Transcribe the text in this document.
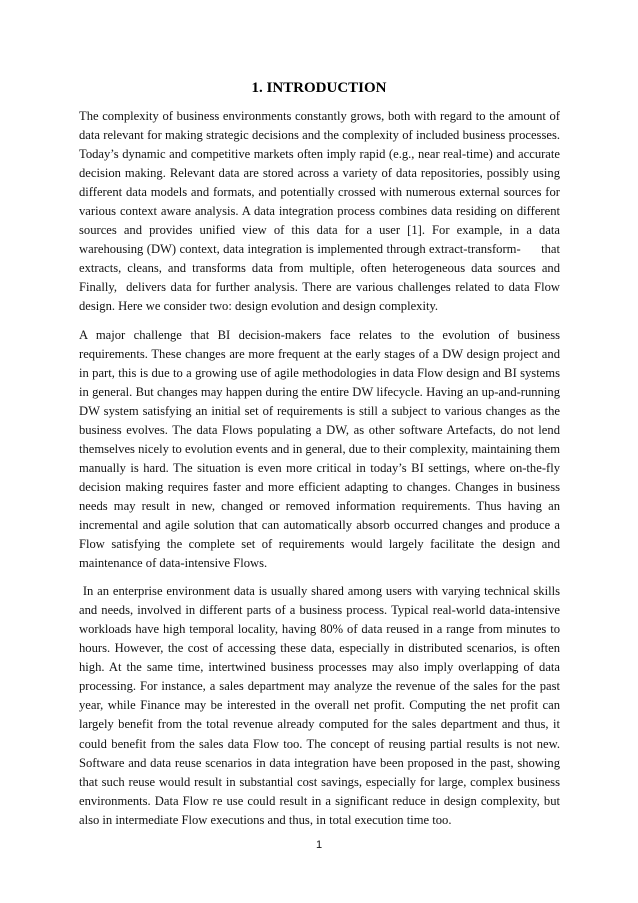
1. INTRODUCTION

The complexity of business environments constantly grows, both with regard to the amount of data relevant for making strategic decisions and the complexity of included business processes. Today’s dynamic and competitive markets often imply rapid (e.g., near real-time) and accurate decision making. Relevant data are stored across a variety of data repositories, possibly using different data models and formats, and potentially crossed with numerous external sources for various context aware analysis. A data integration process combines data residing on different sources and provides unified view of this data for a user [1]. For example, in a data warehousing (DW) context, data integration is implemented through extract-transform-      that extracts, cleans, and transforms data from multiple, often heterogeneous data sources and Finally,  delivers data for further analysis. There are various challenges related to data Flow design. Here we consider two: design evolution and design complexity.

A major challenge that BI decision-makers face relates to the evolution of business requirements. These changes are more frequent at the early stages of a DW design project and in part, this is due to a growing use of agile methodologies in data Flow design and BI systems in general. But changes may happen during the entire DW lifecycle. Having an up-and-running DW system satisfying an initial set of requirements is still a subject to various changes as the business evolves. The data Flows populating a DW, as other software Artefacts, do not lend themselves nicely to evolution events and in general, due to their complexity, maintaining them manually is hard. The situation is even more critical in today’s BI settings, where on-the-fly decision making requires faster and more efficient adapting to changes. Changes in business needs may result in new, changed or removed information requirements. Thus having an incremental and agile solution that can automatically absorb occurred changes and produce a Flow satisfying the complete set of requirements would largely facilitate the design and maintenance of data-intensive Flows.

In an enterprise environment data is usually shared among users with varying technical skills and needs, involved in different parts of a business process. Typical real-world data-intensive workloads have high temporal locality, having 80% of data reused in a range from minutes to hours. However, the cost of accessing these data, especially in distributed scenarios, is often high. At the same time, intertwined business processes may also imply overlapping of data processing. For instance, a sales department may analyze the revenue of the sales for the past year, while Finance may be interested in the overall net profit. Computing the net profit can largely benefit from the total revenue already computed for the sales department and thus, it could benefit from the sales data Flow too. The concept of reusing partial results is not new. Software and data reuse scenarios in data integration have been proposed in the past, showing that such reuse would result in substantial cost savings, especially for large, complex business environments. Data Flow re use could result in a significant reduce in design complexity, but also in intermediate Flow executions and thus, in total execution time too.

1
